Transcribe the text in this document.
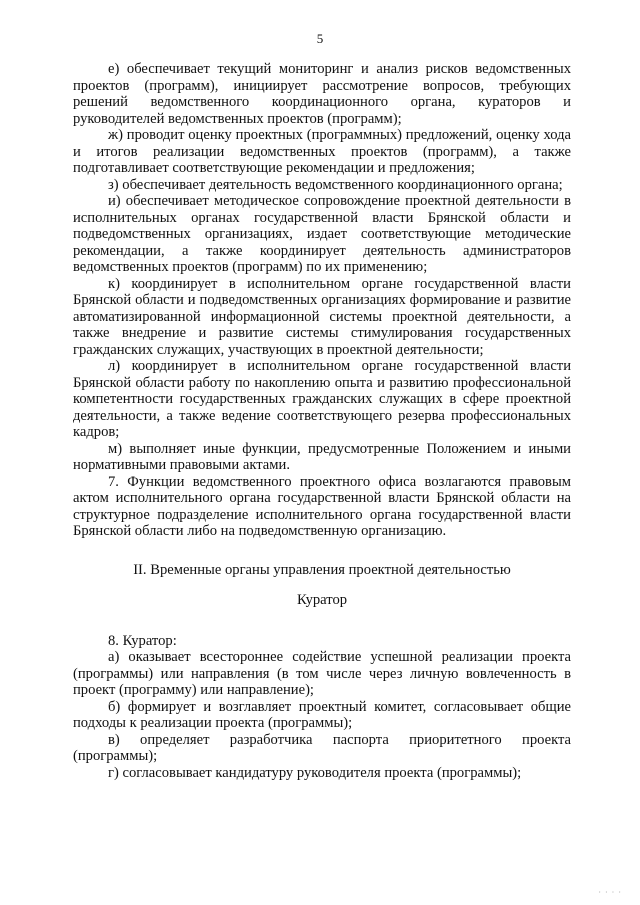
5

е) обеспечивает текущий мониторинг и анализ рисков ведомственных проектов (программ), инициирует рассмотрение вопросов, требующих решений ведомственного координационного органа, кураторов и руководителей ведомственных проектов (программ);

ж) проводит оценку проектных (программных) предложений, оценку хода и итогов реализации ведомственных проектов (программ), а также подготавливает соответствующие рекомендации и предложения;

з) обеспечивает деятельность ведомственного координационного органа;

и) обеспечивает методическое сопровождение проектной деятельности в исполнительных органах государственной власти Брянской области и подведомственных организациях, издает соответствующие методические рекомендации, а также координирует деятельность администраторов ведомственных проектов (программ) по их применению;

к) координирует в исполнительном органе государственной власти Брянской области и подведомственных организациях формирование и развитие автоматизированной информационной системы проектной деятельности, а также внедрение и развитие системы стимулирования государственных гражданских служащих, участвующих в проектной деятельности;

л) координирует в исполнительном органе государственной власти Брянской области работу по накоплению опыта и развитию профессиональной компетентности государственных гражданских служащих в сфере проектной деятельности, а также ведение соответствующего резерва профессиональных кадров;

м) выполняет иные функции, предусмотренные Положением и иными нормативными правовыми актами.

7. Функции ведомственного проектного офиса возлагаются правовым актом исполнительного органа государственной власти Брянской области на структурное подразделение исполнительного органа государственной власти Брянской области либо на подведомственную организацию.

II. Временные органы управления проектной деятельностью

Куратор

8. Куратор:

а) оказывает всестороннее содействие успешной реализации проекта (программы) или направления (в том числе через личную вовлеченность в проект (программу) или направление);

б) формирует и возглавляет проектный комитет, согласовывает общие подходы к реализации проекта (программы);

в) определяет разработчика паспорта приоритетного проекта (программы);

г) согласовывает кандидатуру руководителя проекта (программы);

· · · ·
